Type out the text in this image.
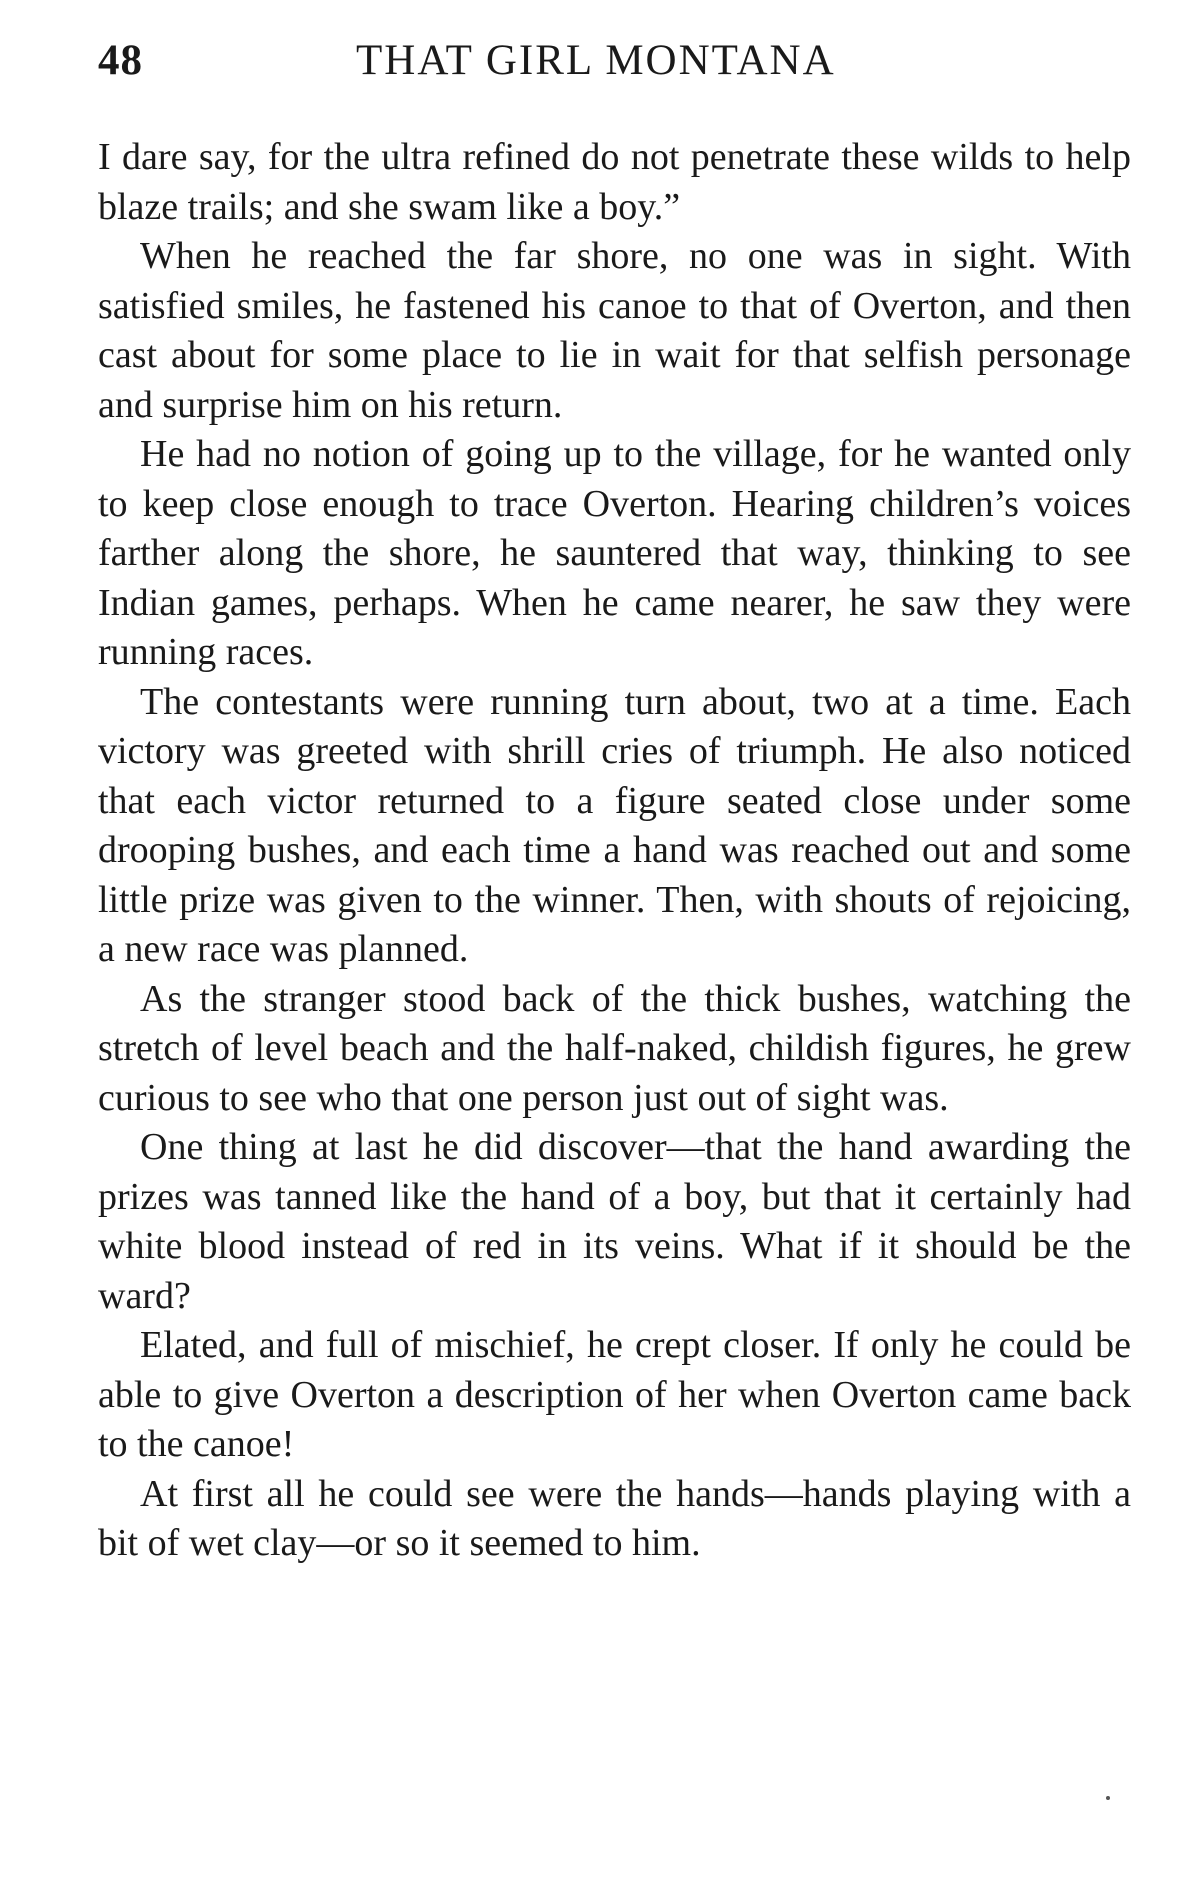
48	THAT GIRL MONTANA

I dare say, for the ultra refined do not penetrate these wilds to help blaze trails; and she swam like a boy.”

When he reached the far shore, no one was in sight. With satisfied smiles, he fastened his canoe to that of Overton, and then cast about for some place to lie in wait for that selfish personage and surprise him on his return.

He had no notion of going up to the village, for he wanted only to keep close enough to trace Overton. Hearing children’s voices farther along the shore, he sauntered that way, thinking to see Indian games, perhaps. When he came nearer, he saw they were running races.

The contestants were running turn about, two at a time. Each victory was greeted with shrill cries of triumph. He also noticed that each victor returned to a figure seated close under some drooping bushes, and each time a hand was reached out and some little prize was given to the winner. Then, with shouts of rejoicing, a new race was planned.

As the stranger stood back of the thick bushes, watching the stretch of level beach and the half-naked, childish figures, he grew curious to see who that one person just out of sight was.

One thing at last he did discover—that the hand awarding the prizes was tanned like the hand of a boy, but that it certainly had white blood instead of red in its veins. What if it should be the ward?

Elated, and full of mischief, he crept closer. If only he could be able to give Overton a description of her when Overton came back to the canoe!

At first all he could see were the hands—hands playing with a bit of wet clay—or so it seemed to him.
